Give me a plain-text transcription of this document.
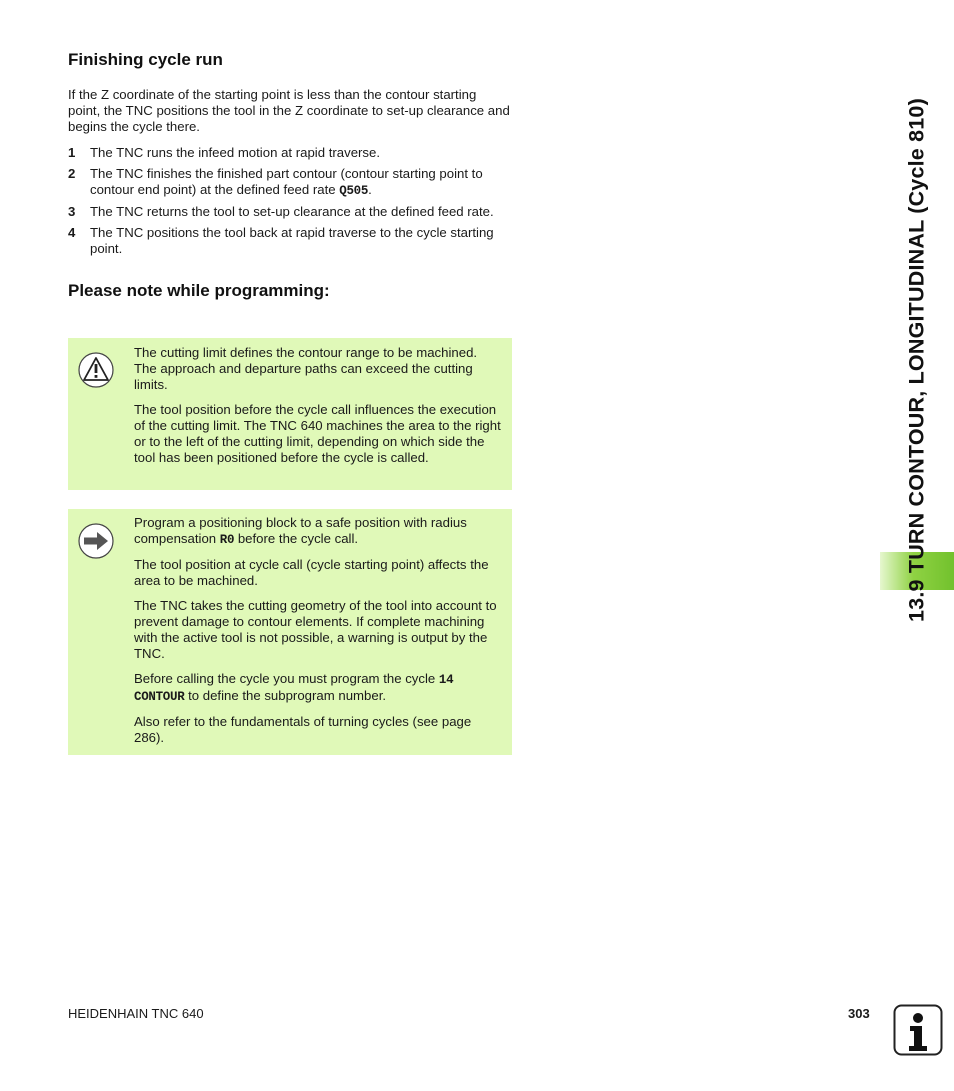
Finishing cycle run

If the Z coordinate of the starting point is less than the contour starting point, the TNC positions the tool in the Z coordinate to set-up clearance and begins the cycle there.

1	The TNC runs the infeed motion at rapid traverse.
2	The TNC finishes the finished part contour (contour starting point to contour end point) at the defined feed rate Q505.
3	The TNC returns the tool to set-up clearance at the defined feed rate.
4	The TNC positions the tool back at rapid traverse to the cycle starting point.
Please note while programming:

The cutting limit defines the contour range to be machined. The approach and departure paths can exceed the cutting limits.

The tool position before the cycle call influences the execution of the cutting limit. The TNC 640 machines the area to the right or to the left of the cutting limit, depending on which side the tool has been positioned before the cycle is called.

Program a positioning block to a safe position with radius compensation R0 before the cycle call.

The tool position at cycle call (cycle starting point) affects the area to be machined.

The TNC takes the cutting geometry of the tool into account to prevent damage to contour elements. If complete machining with the active tool is not possible, a warning is output by the TNC.

Before calling the cycle you must program the cycle 14 CONTOUR to define the subprogram number.

Also refer to the fundamentals of turning cycles (see page 286).

13.9 TURN CONTOUR, LONGITUDINAL (Cycle 810)
HEIDENHAIN TNC 640	303
